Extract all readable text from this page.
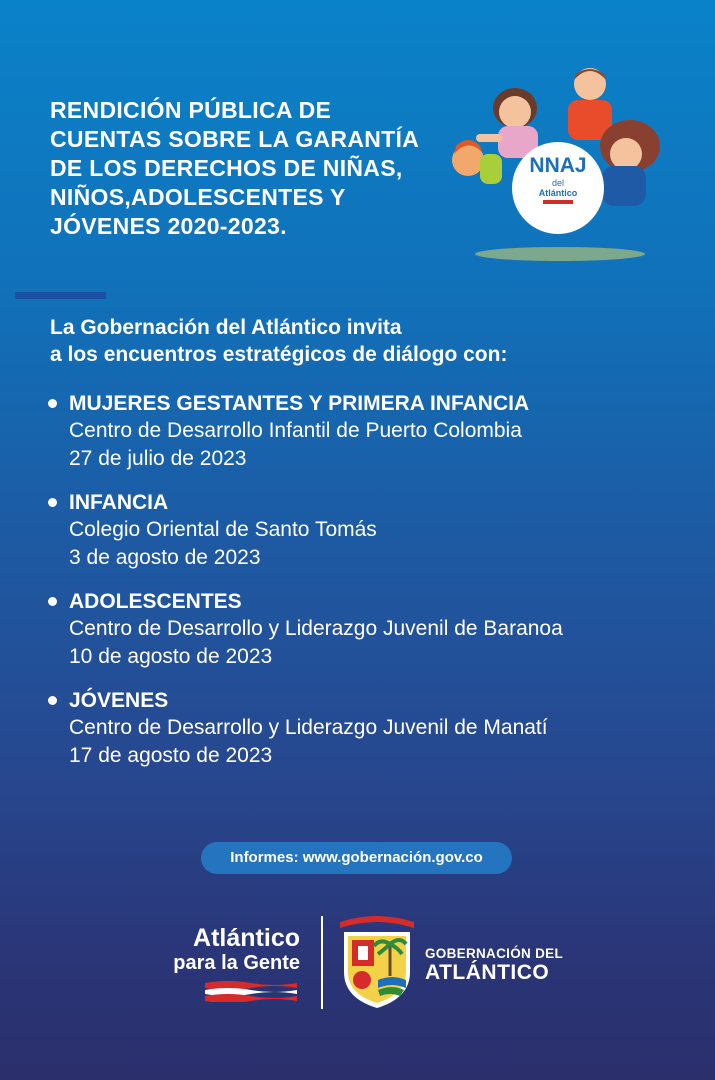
RENDICIÓN PÚBLICA DE
CUENTAS SOBRE LA GARANTÍA
DE LOS DERECHOS DE NIÑAS,
NIÑOS,ADOLESCENTES Y
JÓVENES 2020-2023.
NNAJ
del
Atlántico
La Gobernación del Atlántico invita
a los encuentros estratégicos de diálogo con:
MUJERES GESTANTES Y PRIMERA INFANCIA
Centro de Desarrollo Infantil de Puerto Colombia
27 de julio de 2023
INFANCIA
Colegio Oriental de Santo Tomás
3 de agosto de 2023
ADOLESCENTES
Centro de Desarrollo y Liderazgo Juvenil de Baranoa
10 de agosto de 2023
JÓVENES
Centro de Desarrollo y Liderazgo Juvenil de Manatí
17 de agosto de 2023
Informes: www.gobernación.gov.co
Atlántico
para la Gente	GOBERNACIÓN DEL
ATLÁNTICO
